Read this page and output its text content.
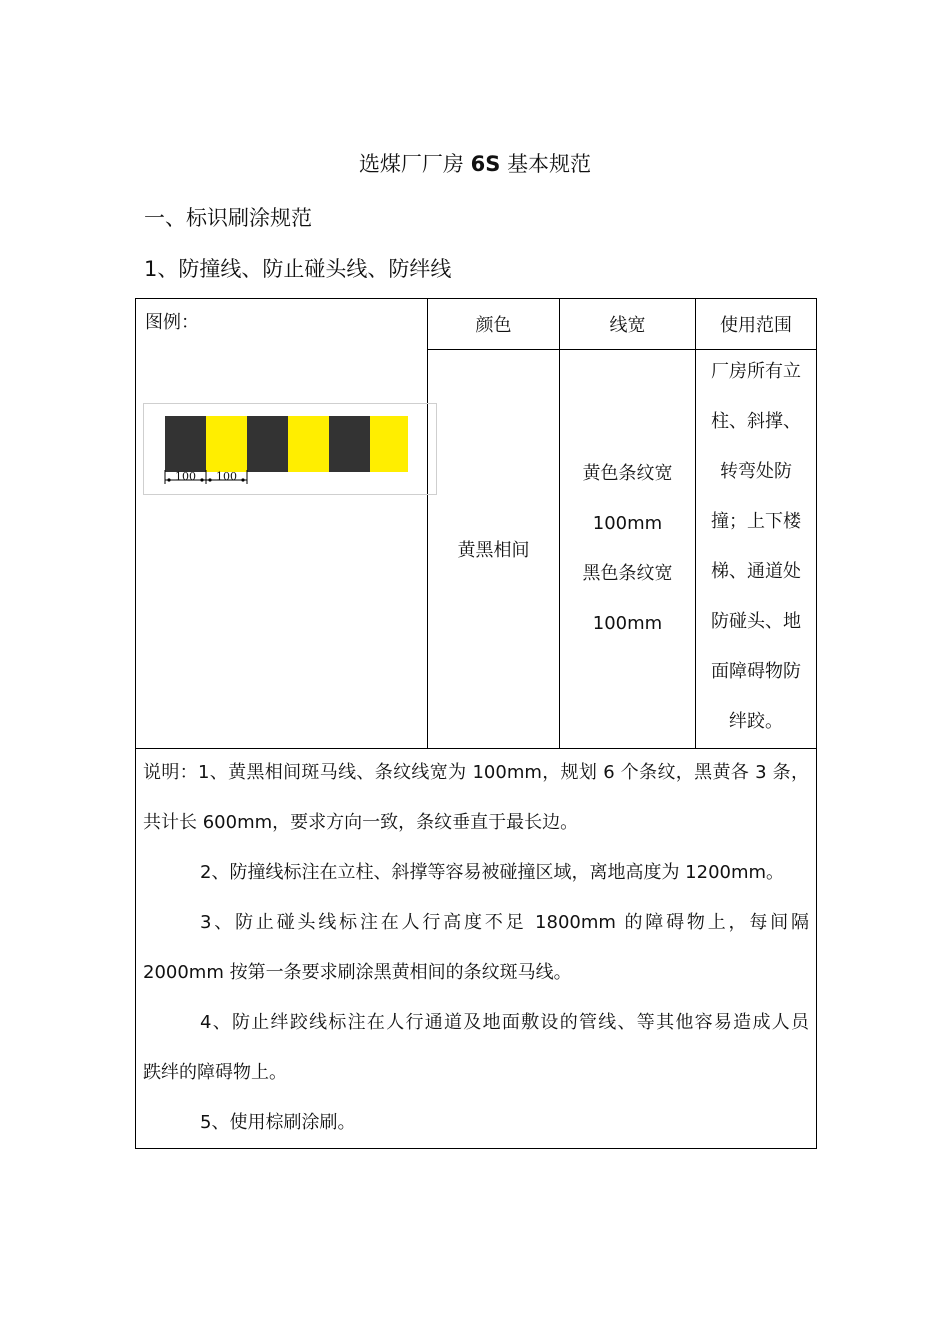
选煤厂厂房 6S 基本规范
一、标识刷涂规范
1、防撞线、防止碰头线、防绊线
图例：
100 100
颜色	线宽	使用范围
黄黑相间
黄色条纹宽
100mm
黑色条纹宽
100mm
厂房所有立
柱、斜撑、
转弯处防
撞；上下楼
梯、通道处
防碰头、地
面障碍物防
绊跤。

说明：1、黄黑相间斑马线、条纹线宽为 100mm，规划 6 个条纹，黑黄各 3 条，

共计长 600mm，要求方向一致，条纹垂直于最长边。

2、防撞线标注在立柱、斜撑等容易被碰撞区域，离地高度为 1200mm。

3、防止碰头线标注在人行高度不足 1800mm 的障碍物上，每间隔

2000mm 按第一条要求刷涂黑黄相间的条纹斑马线。

4、防止绊跤线标注在人行通道及地面敷设的管线、等其他容易造成人员

跌绊的障碍物上。

5、使用棕刷涂刷。
